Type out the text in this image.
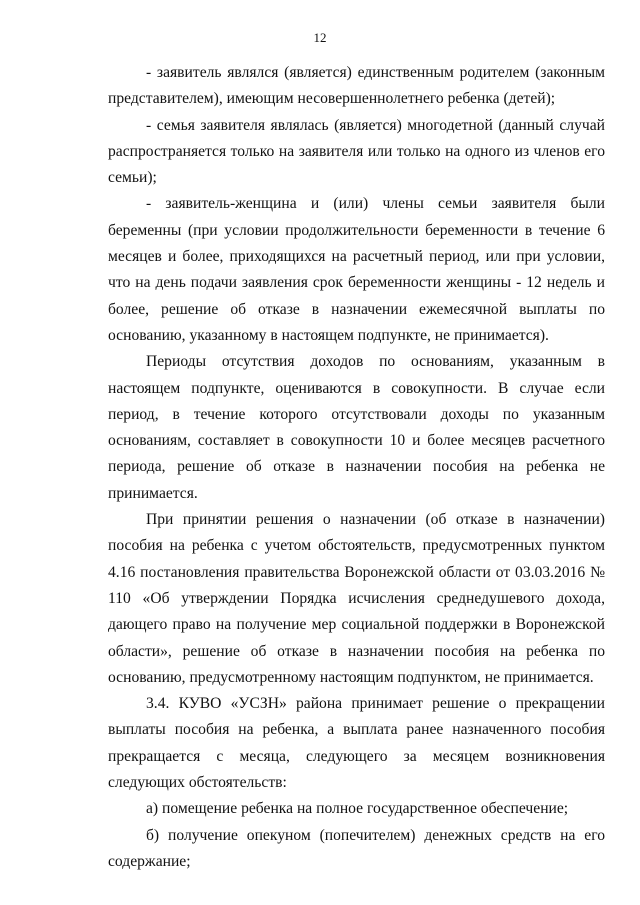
12

- заявитель являлся (является) единственным родителем (законным представителем), имеющим несовершеннолетнего ребенка (детей);

- семья заявителя являлась (является) многодетной (данный случай распространяется только на заявителя или только на одного из членов его семьи);

- заявитель-женщина и (или) члены семьи заявителя были беременны (при условии продолжительности беременности в течение 6 месяцев и более, приходящихся на расчетный период, или при условии, что на день подачи заявления срок беременности женщины - 12 недель и более, решение об отказе в назначении ежемесячной выплаты по основанию, указанному в настоящем подпункте, не принимается).

Периоды отсутствия доходов по основаниям, указанным в настоящем подпункте, оцениваются в совокупности. В случае если период, в течение которого отсутствовали доходы по указанным основаниям, составляет в совокупности 10 и более месяцев расчетного периода, решение об отказе в назначении пособия на ребенка не принимается.

При принятии решения о назначении (об отказе в назначении) пособия на ребенка с учетом обстоятельств, предусмотренных пунктом 4.16 постановления правительства Воронежской области от 03.03.2016 № 110 «Об утверждении Порядка исчисления среднедушевого дохода, дающего право на получение мер социальной поддержки в Воронежской области», решение об отказе в назначении пособия на ребенка по основанию, предусмотренному настоящим подпунктом, не принимается.

3.4. КУВО «УСЗН» района принимает решение о прекращении выплаты пособия на ребенка, а выплата ранее назначенного пособия прекращается с месяца, следующего за месяцем возникновения следующих обстоятельств:

а) помещение ребенка на полное государственное обеспечение;

б) получение опекуном (попечителем) денежных средств на его содержание;
